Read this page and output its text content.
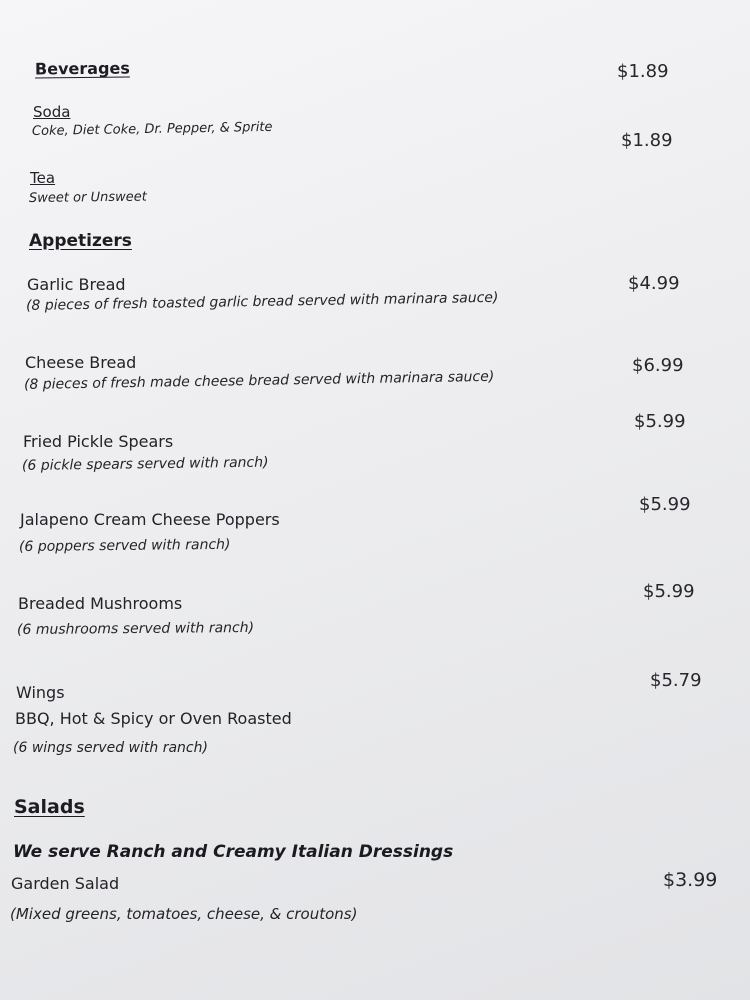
Beverages	$1.89
Soda
Coke, Diet Coke, Dr. Pepper, & Sprite
$1.89
Tea
Sweet or Unsweet
Appetizers
Garlic Bread
(8 pieces of fresh toasted garlic bread served with marinara sauce)
$4.99
Cheese Bread
(8 pieces of fresh made cheese bread served with marinara sauce)
$6.99
$5.99
Fried Pickle Spears
(6 pickle spears served with ranch)
$5.99
Jalapeno Cream Cheese Poppers
(6 poppers served with ranch)
$5.99
Breaded Mushrooms
(6 mushrooms served with ranch)
$5.79
Wings
BBQ, Hot & Spicy or Oven Roasted
(6 wings served with ranch)
Salads
We serve Ranch and Creamy Italian Dressings
Garden Salad	$3.99
(Mixed greens, tomatoes, cheese, & croutons)
